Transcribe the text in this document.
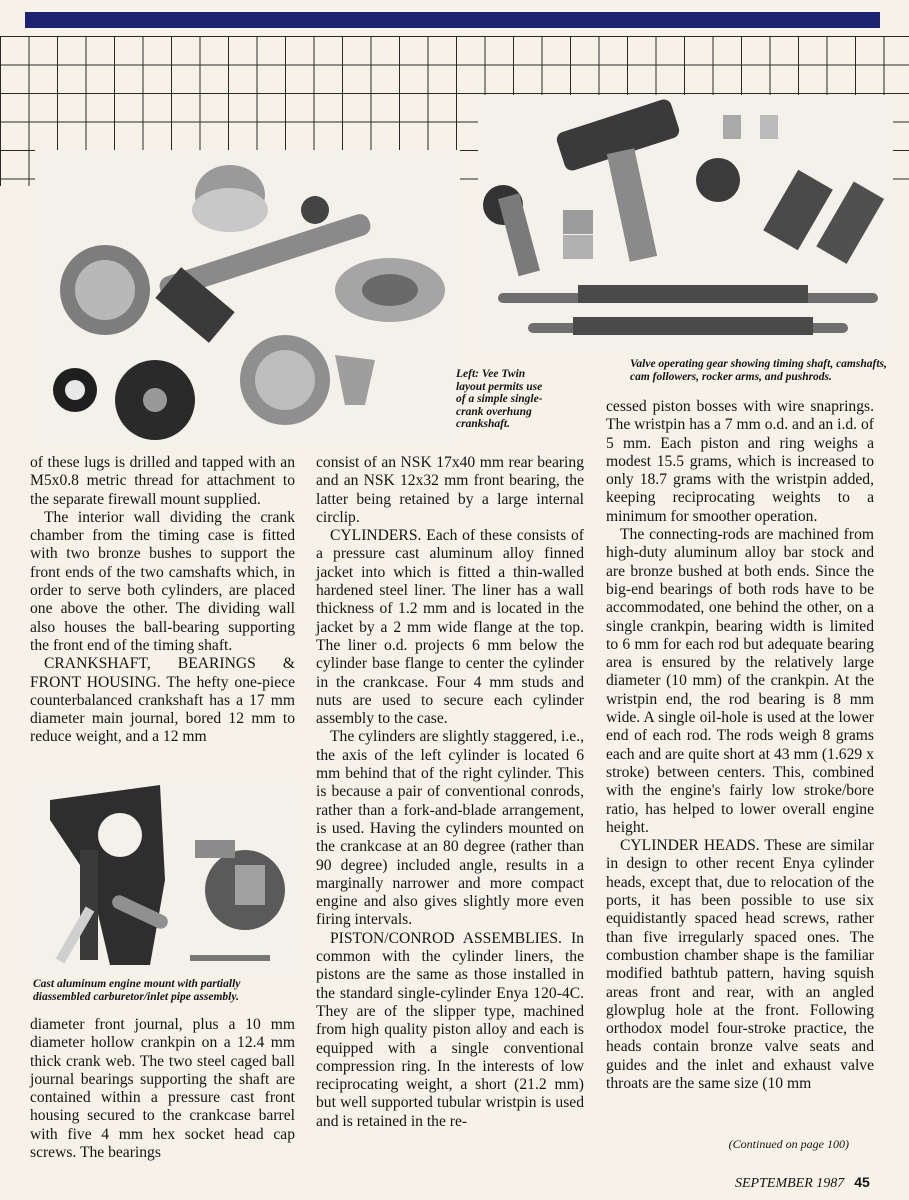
Left: Vee Twin layout permits use of a simple single-crank overhung crankshaft.
Valve operating gear showing timing shaft, camshafts, cam followers, rocker arms, and pushrods.
Cast aluminum engine mount with partially diassembled carburetor/inlet pipe assembly.

of these lugs is drilled and tapped with an M5x0.8 metric thread for attachment to the separate firewall mount supplied.

The interior wall dividing the crank chamber from the timing case is fitted with two bronze bushes to support the front ends of the two camshafts which, in order to serve both cylinders, are placed one above the other. The dividing wall also houses the ball-bearing supporting the front end of the timing shaft.

CRANKSHAFT, BEARINGS & FRONT HOUSING. The hefty one-piece counterbalanced crankshaft has a 17 mm diameter main journal, bored 12 mm to reduce weight, and a 12 mm

diameter front journal, plus a 10 mm diameter hollow crankpin on a 12.4 mm thick crank web. The two steel caged ball journal bearings supporting the shaft are contained within a pressure cast front housing secured to the crankcase barrel with five 4 mm hex socket head cap screws. The bearings

consist of an NSK 17x40 mm rear bearing and an NSK 12x32 mm front bearing, the latter being retained by a large internal circlip.

CYLINDERS. Each of these consists of a pressure cast aluminum alloy finned jacket into which is fitted a thin-walled hardened steel liner. The liner has a wall thickness of 1.2 mm and is located in the jacket by a 2 mm wide flange at the top. The liner o.d. projects 6 mm below the cylinder base flange to center the cylinder in the crankcase. Four 4 mm studs and nuts are used to secure each cylinder assembly to the case.

The cylinders are slightly staggered, i.e., the axis of the left cylinder is located 6 mm behind that of the right cylinder. This is because a pair of conventional conrods, rather than a fork-and-blade arrangement, is used. Having the cylinders mounted on the crankcase at an 80 degree (rather than 90 degree) included angle, results in a marginally narrower and more compact engine and also gives slightly more even firing intervals.

PISTON/CONROD ASSEMBLIES. In common with the cylinder liners, the pistons are the same as those installed in the standard single-cylinder Enya 120-4C. They are of the slipper type, machined from high quality piston alloy and each is equipped with a single conventional compression ring. In the interests of low reciprocating weight, a short (21.2 mm) but well supported tubular wristpin is used and is retained in the re-

cessed piston bosses with wire snaprings. The wristpin has a 7 mm o.d. and an i.d. of 5 mm. Each piston and ring weighs a modest 15.5 grams, which is increased to only 18.7 grams with the wristpin added, keeping reciprocating weights to a minimum for smoother operation.

The connecting-rods are machined from high-duty aluminum alloy bar stock and are bronze bushed at both ends. Since the big-end bearings of both rods have to be accommodated, one behind the other, on a single crankpin, bearing width is limited to 6 mm for each rod but adequate bearing area is ensured by the relatively large diameter (10 mm) of the crankpin. At the wristpin end, the rod bearing is 8 mm wide. A single oil-hole is used at the lower end of each rod. The rods weigh 8 grams each and are quite short at 43 mm (1.629 x stroke) between centers. This, combined with the engine's fairly low stroke/bore ratio, has helped to lower overall engine height.

CYLINDER HEADS. These are similar in design to other recent Enya cylinder heads, except that, due to relocation of the ports, it has been possible to use six equidistantly spaced head screws, rather than five irregularly spaced ones. The combustion chamber shape is the familiar modified bathtub pattern, having squish areas front and rear, with an angled glowplug hole at the front. Following orthodox model four-stroke practice, the heads contain bronze valve seats and guides and the inlet and exhaust valve throats are the same size (10 mm

(Continued on page 100)
SEPTEMBER 1987 45
